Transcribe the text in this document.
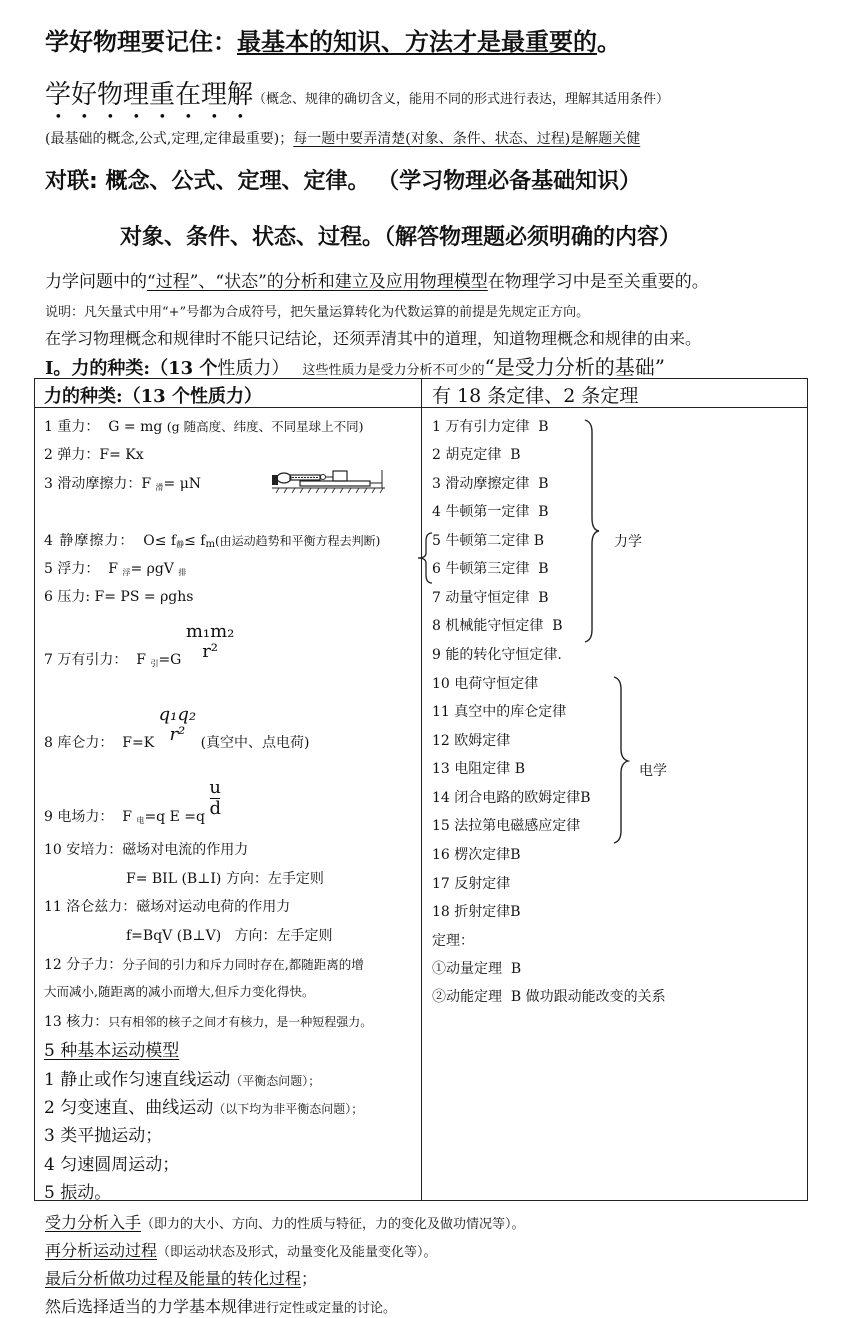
学好物理要记住：最基本的知识、方法才是最重要的。
学好物理重在理解（概念、规律的确切含义，能用不同的形式进行表达，理解其适用条件）
(最基础的概念,公式,定理,定律最重要)；每一题中要弄清楚(对象、条件、状态、过程)是解题关健
对联: 概念、公式、定理、定律。 （学习物理必备基础知识）
对象、条件、状态、过程。（解答物理题必须明确的内容）
力学问题中的“过程”、“状态”的分析和建立及应用物理模型在物理学习中是至关重要的。
说明：凡矢量式中用“+”号都为合成符号，把矢量运算转化为代数运算的前提是先规定正方向。
在学习物理概念和规律时不能只记结论，还须弄清其中的道理，知道物理概念和规律的由来。
Ⅰ。力的种类:（13 个性质力） 这些性质力是受力分析不可少的“是受力分析的基础”
力的种类:（13 个性质力）	有 18 条定律、2 条定理
1 重力： G = mg (g 随高度、纬度、不同星球上不同)
2 弹力：F= Kx
3 滑动摩擦力：F $_滑$= μN
4 静摩擦力： $O\le f_静\le f_m$(由运动趋势和平衡方程去判断)
5 浮力： F $_浮$= ρgV $_排$
6 压力: F= PS = ρghs
7 万有引力： F $_引$=G
m₁m₂
r²
8 库仑力： F=K
q₁q₂
r²	(真空中、点电荷)
9 电场力： F $_电$=q $E =q \frac{u}{d}$
10 安培力：磁场对电流的作用力
F= BIL (B⊥I) 方向：左手定则
11 洛仑兹力：磁场对运动电荷的作用力
f=BqV (B⊥V)   方向：左手定则
12 分子力：分子间的引力和斥力同时存在,都随距离的增
大而减小,随距离的减小而增大,但斥力变化得快。
13 核力：只有相邻的核子之间才有核力，是一种短程强力。
5 种基本运动模型
1 静止或作匀速直线运动（平衡态问题）；
2 匀变速直、曲线运动（以下均为非平衡态问题）；
3 类平抛运动；
4 匀速圆周运动；
5 振动。
1 万有引力定律  B
2 胡克定律  B
3 滑动摩擦定律  B
4 牛顿第一定律  B
5 牛顿第二定律 B
6 牛顿第三定律  B
7 动量守恒定律  B
8 机械能守恒定律  B
9 能的转化守恒定律.
10 电荷守恒定律
11 真空中的库仑定律
12 欧姆定律
13 电阻定律 B
14 闭合电路的欧姆定律B
15 法拉第电磁感应定律
16 楞次定律B
17 反射定律
18 折射定律B
力学
电学
定理：
①动量定理  B
②动能定理  B 做功跟动能改变的关系
受力分析入手（即力的大小、方向、力的性质与特征，力的变化及做功情况等）。
再分析运动过程（即运动状态及形式，动量变化及能量变化等）。
最后分析做功过程及能量的转化过程；
然后选择适当的力学基本规律进行定性或定量的讨论。
